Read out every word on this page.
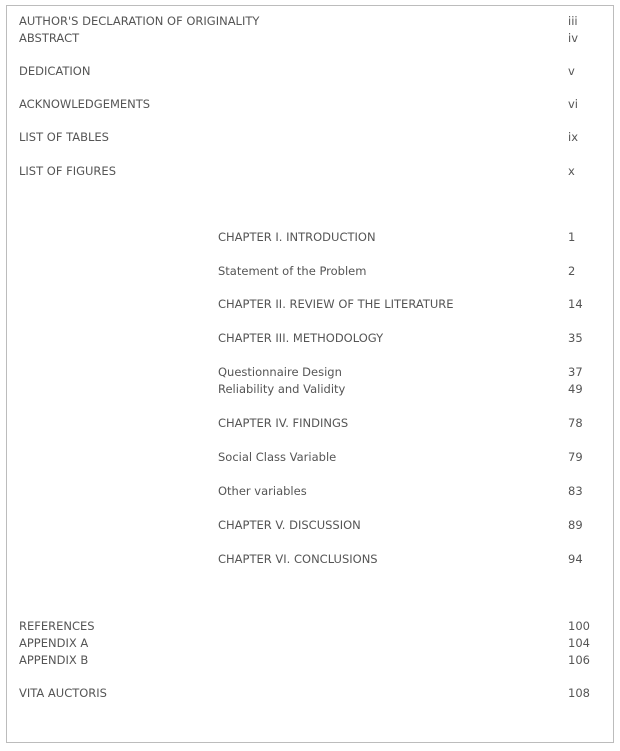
AUTHOR'S DECLARATION OF ORIGINALITY	iii
ABSTRACT	iv
DEDICATION	v
ACKNOWLEDGEMENTS	vi
LIST OF TABLES	ix
LIST OF FIGURES	x
CHAPTER I. INTRODUCTION	1
Statement of the Problem	2
CHAPTER II. REVIEW OF THE LITERATURE	14
CHAPTER III. METHODOLOGY	35
Questionnaire Design	37
Reliability and Validity	49
CHAPTER IV. FINDINGS	78
Social Class Variable	79
Other variables	83
CHAPTER V. DISCUSSION	89
CHAPTER VI. CONCLUSIONS	94
REFERENCES	100
APPENDIX A	104
APPENDIX B	106
VITA AUCTORIS	108
